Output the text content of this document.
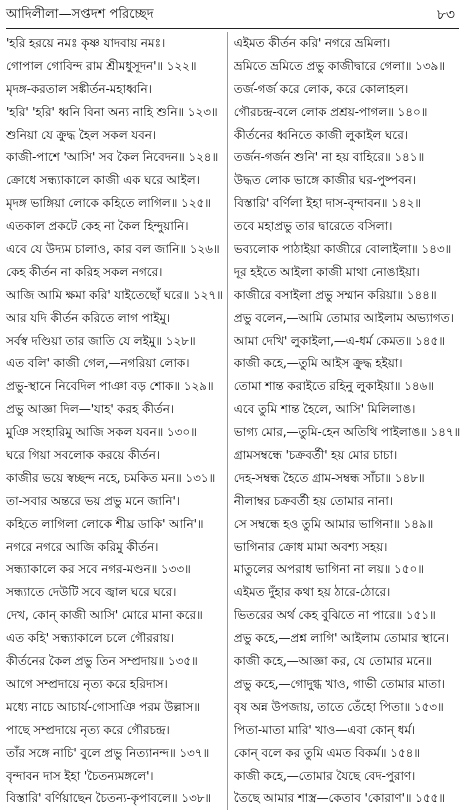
আদিলীলা—সপ্তদশ পরিচ্ছেদ	৮৩
'হরি হরয়ে নমঃ কৃষ্ণ যাদবায় নমঃ।
গোপাল গোবিন্দ রাম শ্রীমধুসূদন'॥ ১২২॥
মৃদঙ্গ-করতাল সঙ্কীর্তন-মহাধ্বনি।
'হরি' 'হরি' ধ্বনি বিনা অন্য নাহি শুনি॥ ১২৩॥
শুনিয়া যে ক্রুদ্ধ হৈল সকল যবন।
কাজী-পাশে 'আসি' সব কৈল নিবেদন॥ ১২৪॥
ক্রোধে সন্ধ্যাকালে কাজী এক ঘরে আইল।
মৃদঙ্গ ভাঙ্গিয়া লোকে কহিতে লাগিল॥ ১২৫॥
এতকাল প্রকটে কেহ না কৈল হিন্দুয়ানি।
এবে যে উদ্যম চালাও, কার বল জানি॥ ১২৬॥
কেহ কীর্তন না করিহ সকল নগরে।
আজি আমি ক্ষমা করি' যাইতেছোঁ ঘরে॥ ১২৭॥
আর যদি কীর্তন করিতে লাগ পাইমু।
সর্বস্ব দণ্ডিয়া তার জাতি যে লইমু॥ ১২৮॥
এত বলি' কাজী গেল,—নগরিয়া লোক।
প্রভু-স্থানে নিবেদিল পাঞা বড় শোক॥ ১২৯॥
প্রভু আজ্ঞা দিল—'যাহ' করহ কীর্তন।
মুঞি সংহারিমু আজি সকল যবন॥ ১৩০॥
ঘরে গিয়া সবলোক করয়ে কীর্তন।
কাজীর ভয়ে স্বচ্ছন্দ নহে, চমকিত মন॥ ১৩১॥
তা-সবার অন্তরে ভয় প্রভু মনে জানি'।
কহিতে লাগিলা লোকে শীঘ্র ডাকি' আনি'॥
নগরে নগরে আজি করিমু কীর্তন।
সন্ধ্যাকালে কর সবে নগর-মণ্ডন॥ ১৩৩॥
সন্ধ্যাতে দেউটি সবে জ্বাল ঘরে ঘরে।
দেখ, কোন্ কাজী আসি' মোরে মানা করে॥
এত কহি' সন্ধ্যাকালে চলে গৌররায়।
কীর্তনের কৈল প্রভু তিন সম্প্রদায়॥ ১৩৫॥
আগে সম্প্রদায়ে নৃত্য করে হরিদাস।
মধ্যে নাচে আচার্য-গোসাঞি পরম উল্লাস॥
পাছে সম্প্রদায়ে নৃত্য করে গৌরচন্দ্র।
তাঁর সঙ্গে নাচি' বুলে প্রভু নিত্যানন্দ॥ ১৩৭॥
বৃন্দাবন দাস ইহা 'চৈতন্যমঙ্গলে'।
বিস্তারি' বর্ণিয়াছেন চৈতন্য-কৃপাবলে॥ ১৩৮॥
এইমত কীর্তন করি' নগরে ভ্রমিলা।
ভ্রমিতে ভ্রমিতে প্রভু কাজীদ্বারে গেলা॥ ১৩৯॥
তর্জ-গর্জ করে লোক, করে কোলাহল।
গৌরচন্দ্র-বলে লোক প্রশ্রয়-পাগল॥ ১৪০॥
কীর্তনের ধ্বনিতে কাজী লুকাইল ঘরে।
তর্জন-গর্জন শুনি' না হয় বাহিরে॥ ১৪১॥
উদ্ধত লোক ভাঙ্গে কাজীর ঘর-পুষ্পবন।
বিস্তারি' বর্ণিলা ইহা দাস-বৃন্দাবন॥ ১৪২॥
তবে মহাপ্রভু তার দ্বারেতে বসিলা।
ভব্যলোক পাঠাইয়া কাজীরে বোলাইলা॥ ১৪৩॥
দূর হইতে আইলা কাজী মাথা নোঙাইয়া।
কাজীরে বসাইলা প্রভু সম্মান করিয়া॥ ১৪৪॥
প্রভু বলেন,—আমি তোমার আইলাম অভ্যাগত।
আমা দেখি' লুকাইলা,—এ-ধর্ম কেমত॥ ১৪৫॥
কাজী কহে,—তুমি আইস ক্রুদ্ধ হইয়া।
তোমা শান্ত করাইতে রহিনু লুকাইয়া॥ ১৪৬॥
এবে তুমি শান্ত হৈলে, আসি' মিলিলাঙ।
ভাগ্য মোর,—তুমি-হেন অতিথি পাইলাঙ॥ ১৪৭॥
গ্রামসম্বন্ধে 'চক্রবর্তী' হয় মোর চাচা।
দেহ-সম্বন্ধ হৈতে গ্রাম-সম্বন্ধ সাঁচা॥ ১৪৮॥
নীলাম্বর চক্রবর্তী হয় তোমার নানা।
সে সম্বন্ধে হও তুমি আমার ভাগিনা॥ ১৪৯॥
ভাগিনার ক্রোধ মামা অবশ্য সহয়।
মাতুলের অপরাধ ভাগিনা না লয়॥ ১৫০॥
এইমত দুঁহার কথা হয় ঠারে-ঠোরে।
ভিতরের অর্থ কেহ বুঝিতে না পারে॥ ১৫১॥
প্রভু কহে,—প্রশ্ন লাগি' আইলাম তোমার স্থানে।
কাজী কহে,—আজ্ঞা কর, যে তোমার মনে॥
প্রভু কহে,—গোদুগ্ধ খাও, গাভী তোমার মাতা।
বৃষ অন্ন উপজায়, তাতে তেঁহো পিতা॥ ১৫৩॥
পিতা-মাতা মারি' খাও—এবা কোন্ ধর্ম।
কোন্ বলে কর তুমি এমত বিকর্ম॥ ১৫৪॥
কাজী কহে,—তোমার যৈছে বেদ-পুরাণ।
তৈছে আমার শাস্ত্র—কেতাব 'কোরাণ'॥ ১৫৫॥
